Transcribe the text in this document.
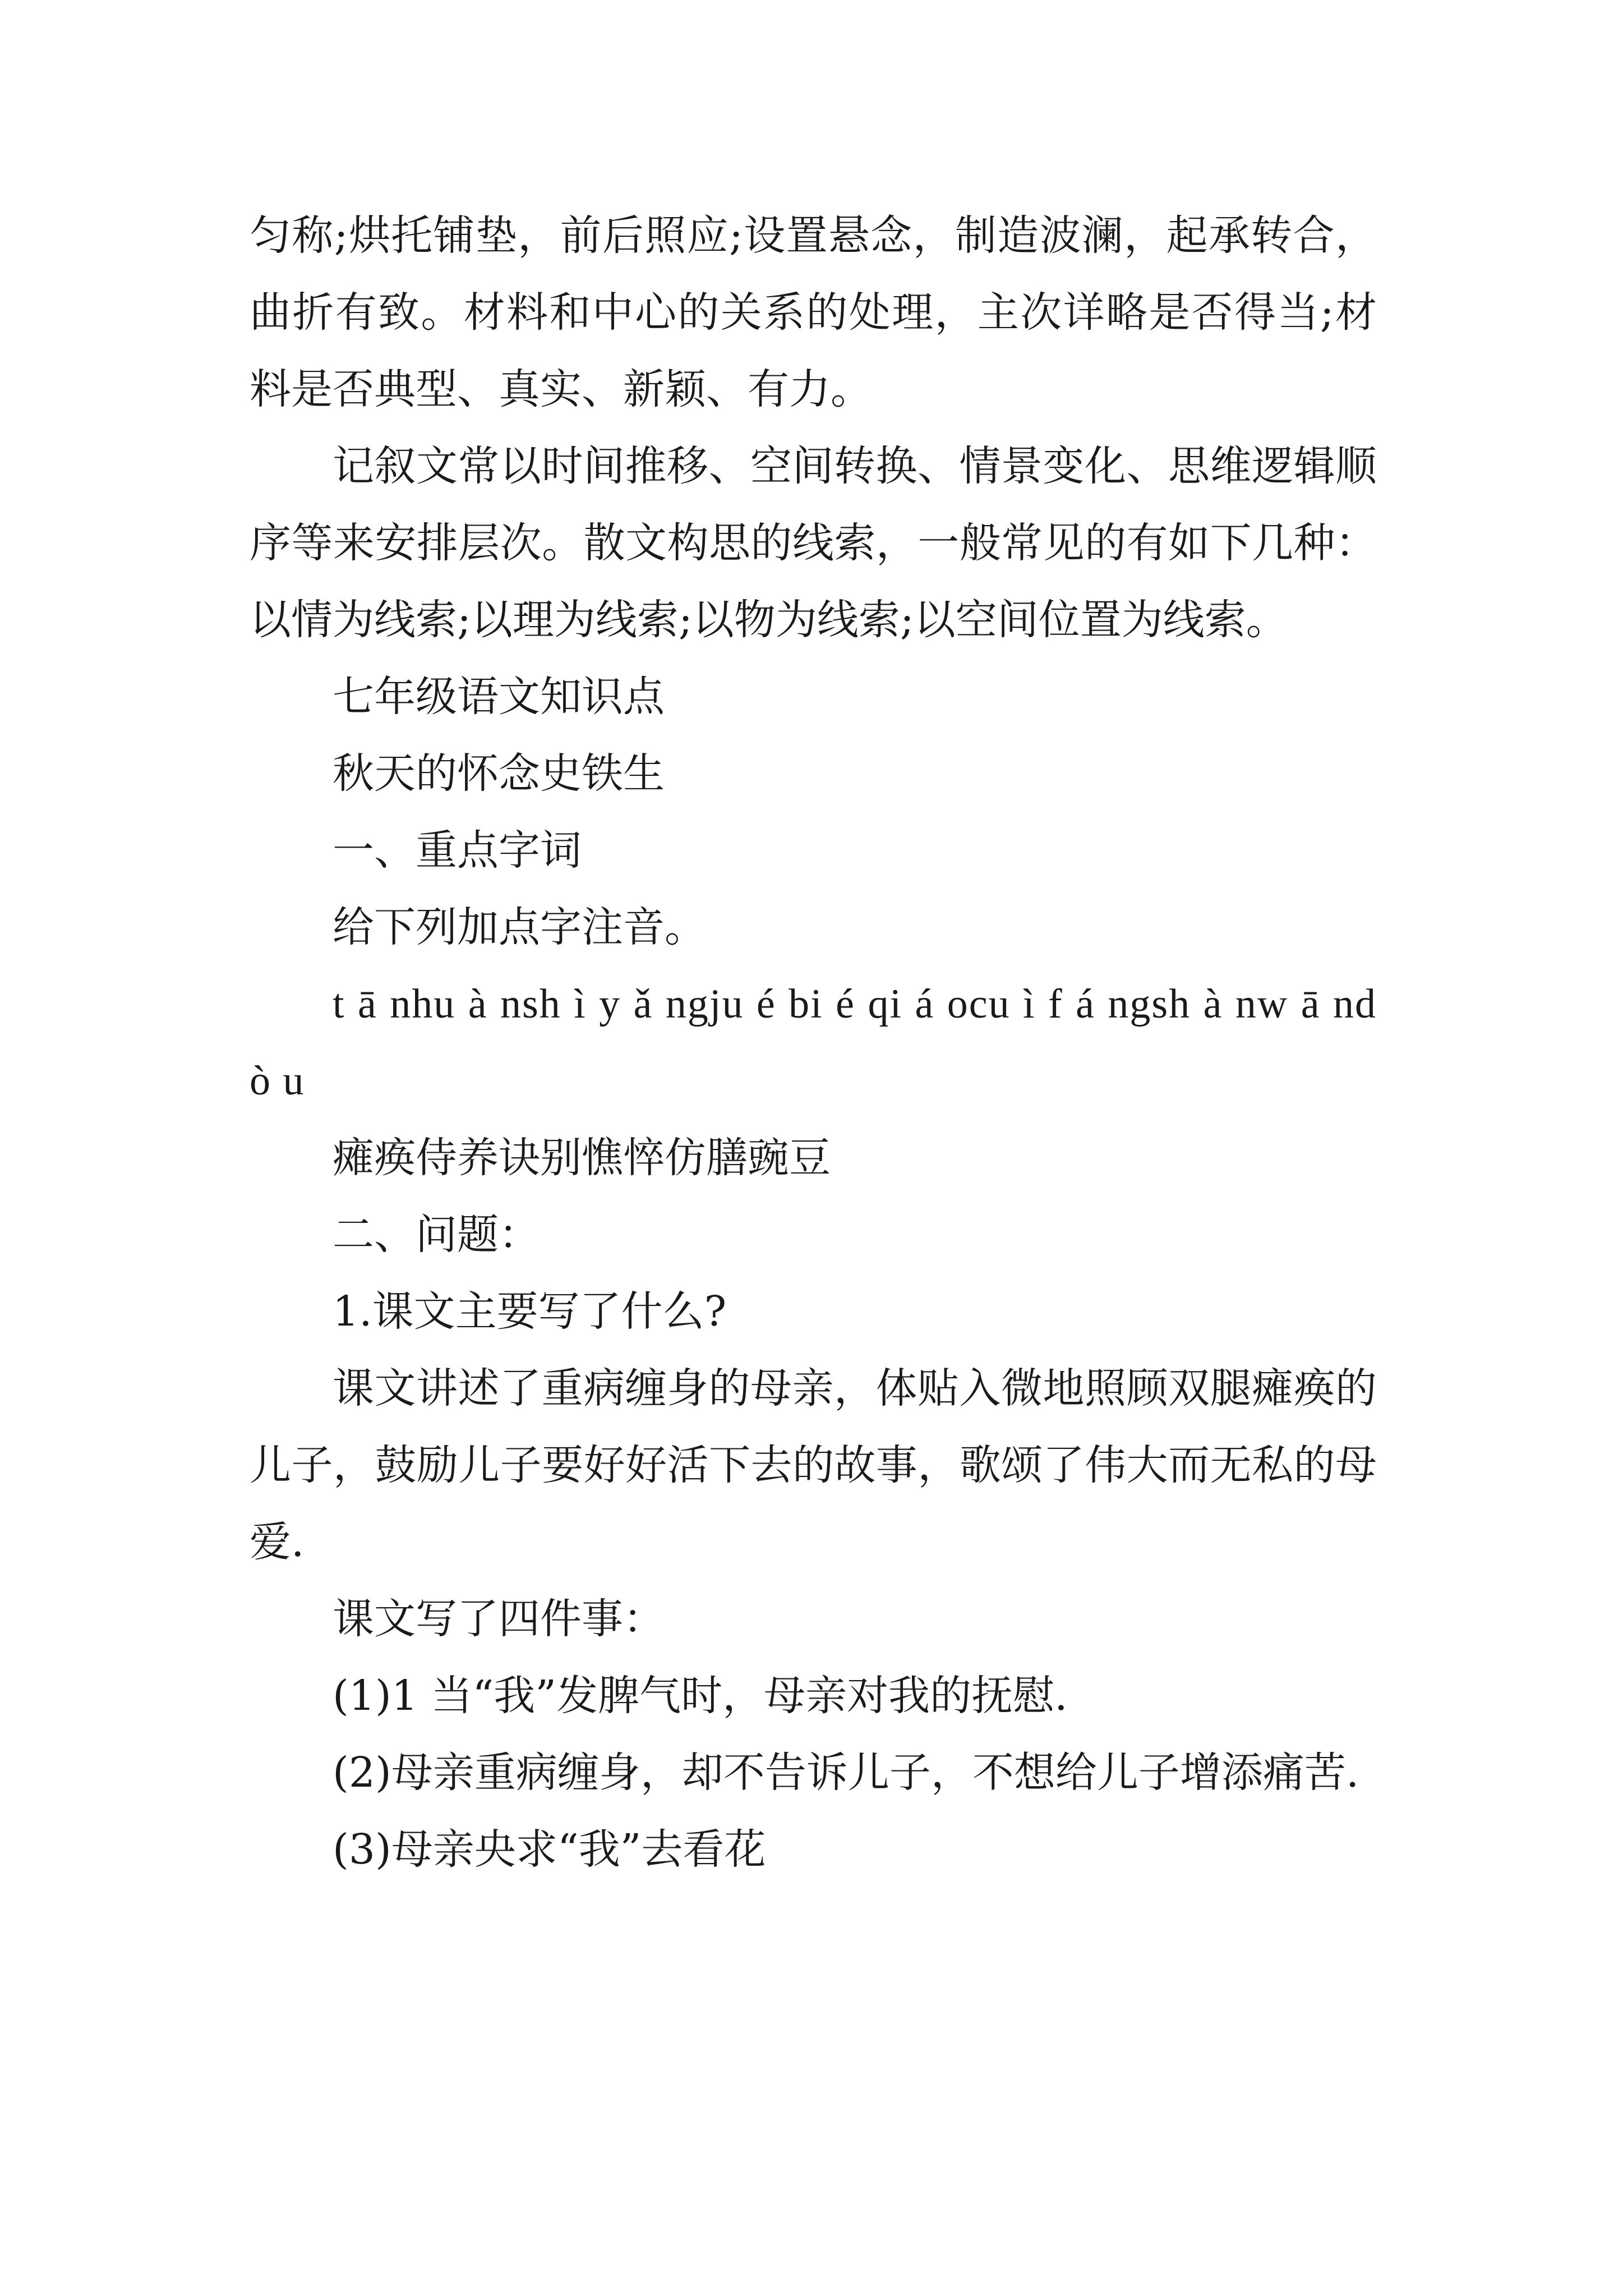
匀称;烘托铺垫，前后照应;设置悬念，制造波澜，起承转合，曲折有致。材料和中心的关系的处理，主次详略是否得当;材料是否典型、真实、新颖、有力。

记叙文常以时间推移、空间转换、情景变化、思维逻辑顺序等来安排层次。散文构思的线索，一般常见的有如下几种：以情为线索;以理为线索;以物为线索;以空间位置为线索。

七年级语文知识点

秋天的怀念史铁生

一、重点字词

给下列加点字注音。

t ā nhu à nsh ì y ǎ ngju é bi é qi á ocu ì f á ngsh à nw ā nd ò u

瘫痪侍养诀别憔悴仿膳豌豆

二、问题：

1.课文主要写了什么?

课文讲述了重病缠身的母亲，体贴入微地照顾双腿瘫痪的儿子，鼓励儿子要好好活下去的故事，歌颂了伟大而无私的母爱.

课文写了四件事：

(1)1 当“我”发脾气时，母亲对我的抚慰.

(2)母亲重病缠身，却不告诉儿子，不想给儿子增添痛苦.

(3)母亲央求“我”去看花
